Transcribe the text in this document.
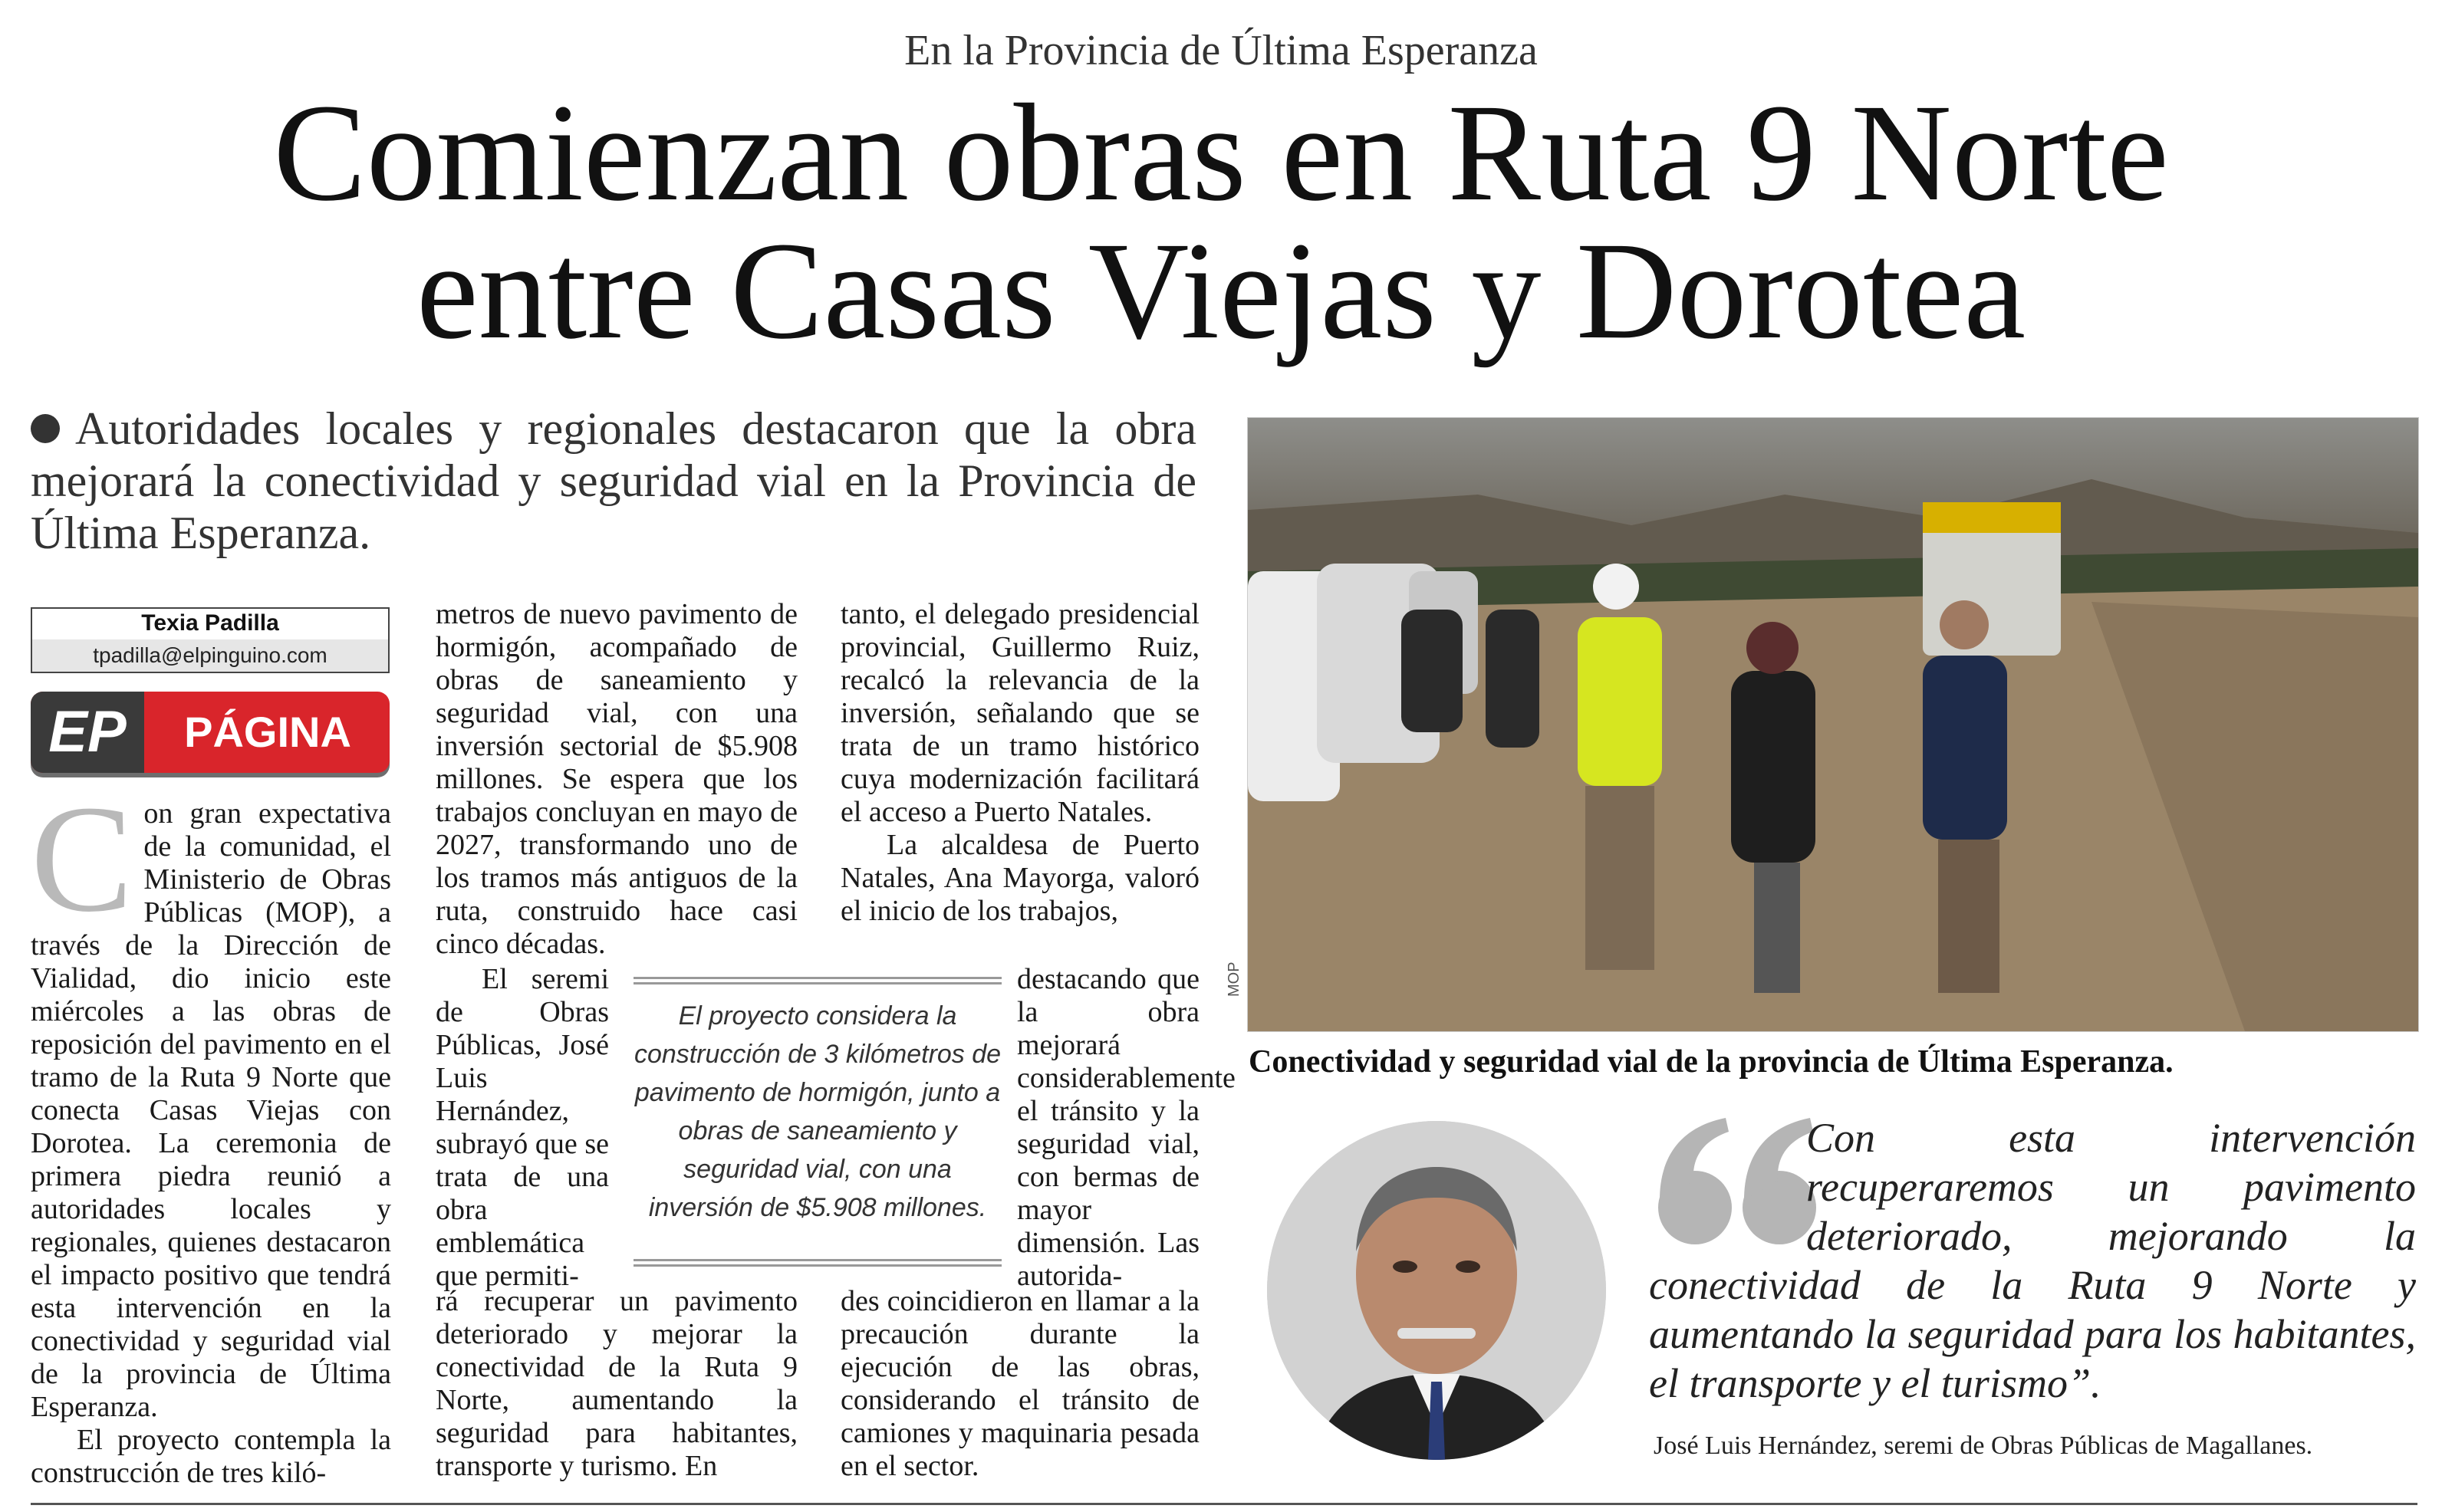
En la Provincia de Última Esperanza
Comienzan obras en Ruta 9 Norte
entre Casas Viejas y Dorotea
Autoridades locales y regionales destacaron que la obra mejorará la conectividad y seguridad vial en la Provincia de Última Esperanza.
Texia Padilla
tpadilla@elpinguino.com
EP	PÁGINA

Con gran expectativa de la comunidad, el Ministerio de Obras Públicas (MOP), a través de la Dirección de Vialidad, dio inicio este miércoles a las obras de reposición del pavimento en el tramo de la Ruta 9 Norte que conecta Casas Viejas con Dorotea. La ceremonia de primera piedra reunió a autoridades locales y regionales, quienes destacaron el impacto positivo que tendrá esta intervención en la conectividad y seguridad vial de la provincia de Última Esperanza.

El proyecto contempla la construcción de tres kiló-

metros de nuevo pavimento de hormigón, acompañado de obras de saneamiento y seguridad vial, con una inversión sectorial de $5.908 millones. Se espera que los trabajos concluyan en mayo de 2027, transformando uno de los tramos más antiguos de la ruta, construido hace casi cinco décadas.

El seremi de Obras Públicas, José Luis Hernández, subrayó que se trata de una obra emblemática que permiti-

rá recuperar un pavimento deteriorado y mejorar la conectividad de la Ruta 9 Norte, aumentando la seguridad para habitantes, transporte y turismo. En

tanto, el delegado presidencial provincial, Guillermo Ruiz, recalcó la relevancia de la inversión, señalando que se trata de un tramo histórico cuya modernización facilitará el acceso a Puerto Natales.

La alcaldesa de Puerto Natales, Ana Mayorga, valoró el inicio de los trabajos,

destacando que la obra mejorará considerablemente el tránsito y la seguridad vial, con bermas de mayor dimensión. Las autorida-

des coincidieron en llamar a la precaución durante la ejecución de las obras, considerando el tránsito de camiones y maquinaria pesada en el sector.

El proyecto considera la construcción de 3 kilómetros de pavimento de hormigón, junto a obras de saneamiento y seguridad vial, con una inversión de $5.908 millones.
MOP
Conectividad y seguridad vial de la provincia de Última Esperanza.
Con esta intervención recuperaremos un pavimento deteriorado, mejorando la conectividad de la Ruta 9 Norte y aumentando la seguridad para los habitantes, el transporte y el turismo”.
José Luis Hernández, seremi de Obras Públicas de Magallanes.
